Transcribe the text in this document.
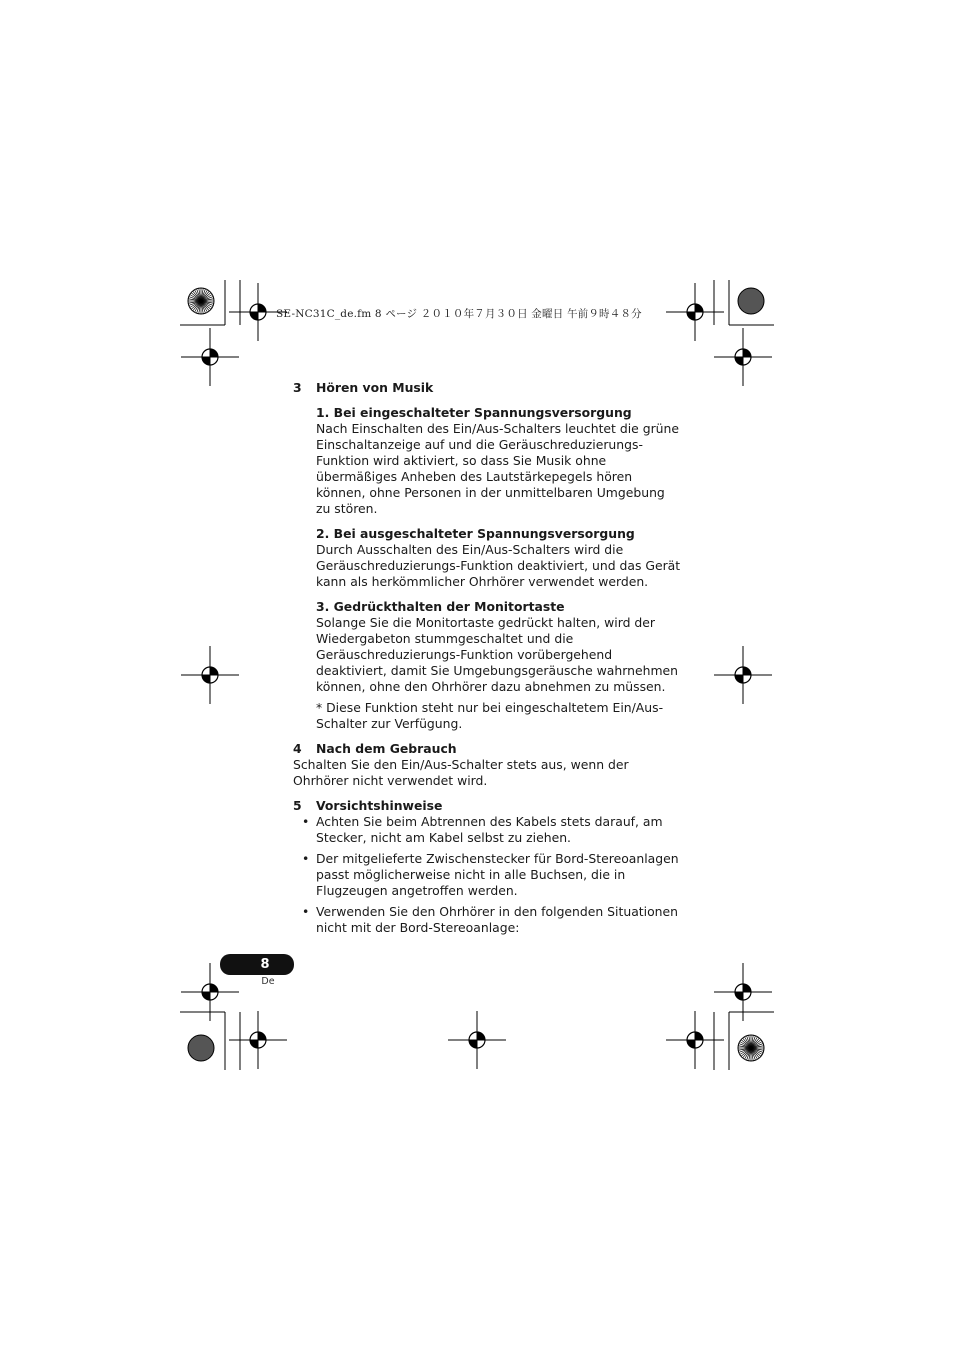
SE-NC31C_de.fm 8 ページ ２０１０年７月３０日 金曜日 午前９時４８分

3 Hören von Musik

1. Bei eingeschalteter Spannungsversorgung
Nach Einschalten des Ein/Aus-Schalters leuchtet die grüne Einschaltanzeige auf und die Geräuschreduzierungs-Funktion wird aktiviert, so dass Sie Musik ohne übermäßiges Anheben des Lautstärkepegels hören können, ohne Personen in der unmittelbaren Umgebung zu stören.
2. Bei ausgeschalteter Spannungsversorgung
Durch Ausschalten des Ein/Aus-Schalters wird die Geräuschreduzierungs-Funktion deaktiviert, und das Gerät kann als herkömmlicher Ohrhörer verwendet werden.
3. Gedrückthalten der Monitortaste
Solange Sie die Monitortaste gedrückt halten, wird der Wiedergabeton stummgeschaltet und die Geräuschreduzierungs-Funktion vorübergehend deaktiviert, damit Sie Umgebungsgeräusche wahrnehmen können, ohne den Ohrhörer dazu abnehmen zu müssen.
* Diese Funktion steht nur bei eingeschaltetem Ein/Aus-Schalter zur Verfügung.

4 Nach dem Gebrauch

Schalten Sie den Ein/Aus-Schalter stets aus, wenn der Ohrhörer nicht verwendet wird.

5 Vorsichtshinweise

• Achten Sie beim Abtrennen des Kabels stets darauf, am Stecker, nicht am Kabel selbst zu ziehen.
• Der mitgelieferte Zwischenstecker für Bord-Stereoanlagen passt möglicherweise nicht in alle Buchsen, die in Flugzeugen angetroffen werden.
• Verwenden Sie den Ohrhörer in den folgenden Situationen nicht mit der Bord-Stereoanlage:
8
De
